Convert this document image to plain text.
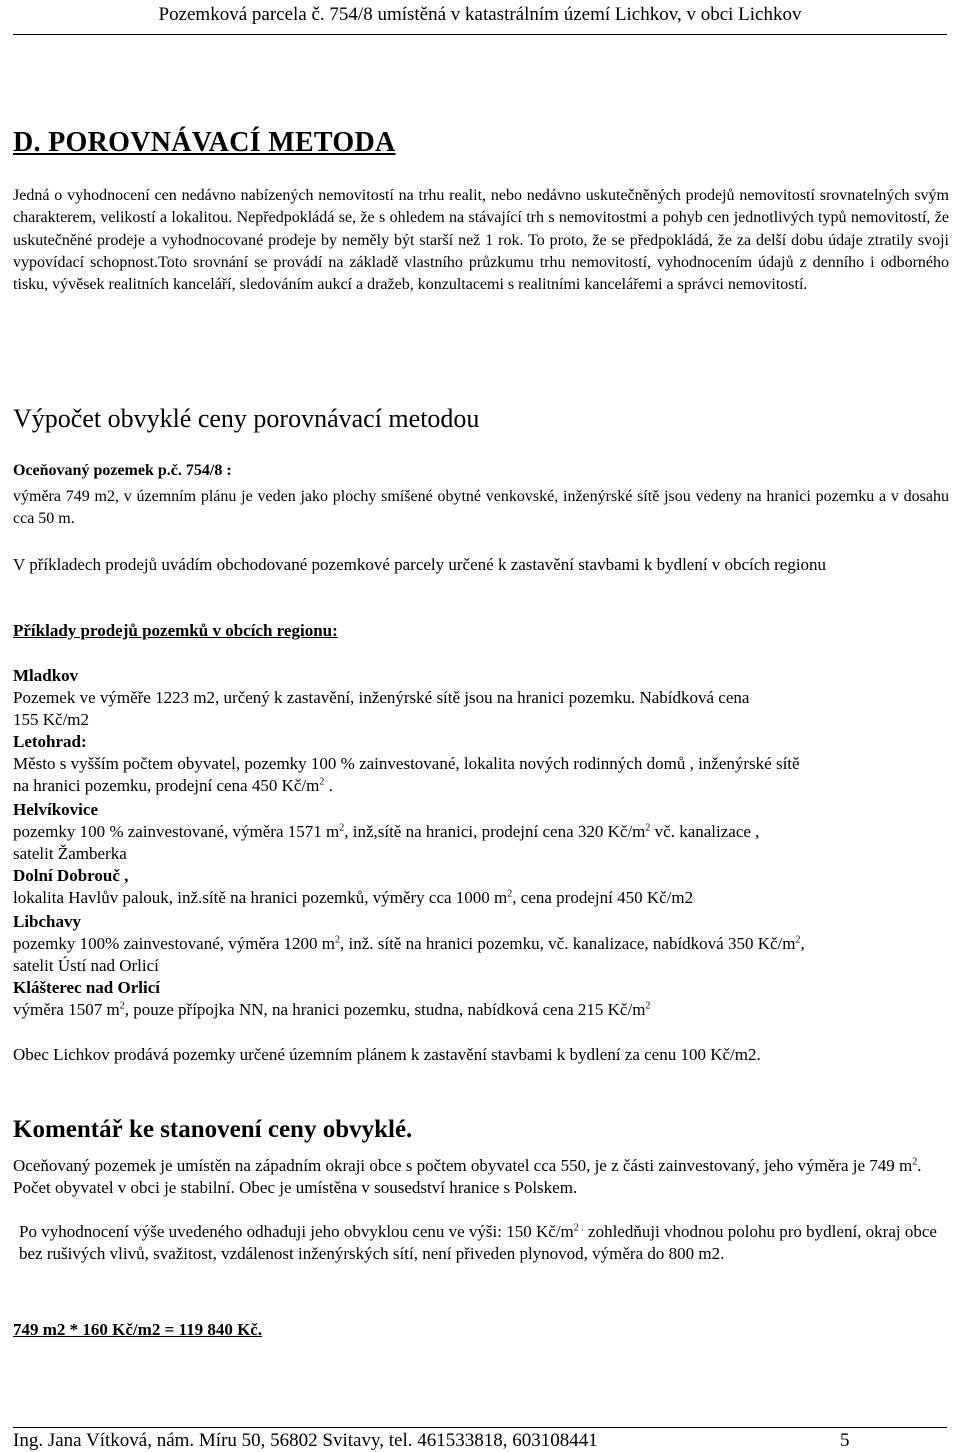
Pozemková parcela č. 754/8 umístěná v katastrálním území Lichkov, v obci Lichkov
D. POROVNÁVACÍ METODA
Jedná o vyhodnocení cen nedávno nabízených nemovitostí na trhu realit, nebo nedávno uskutečněných prodejů nemovitostí srovnatelných svým charakterem, velikostí a lokalitou. Nepředpokládá se, že s ohledem na stávající trh s nemovitostmi a pohyb cen jednotlivých typů nemovitostí, že uskutečněné prodeje a vyhodnocované prodeje by neměly být starší než 1 rok. To proto, že se předpokládá, že za delší dobu údaje ztratily svoji vypovídací schopnost.Toto srovnání se provádí na základě vlastního průzkumu trhu nemovitostí, vyhodnocením údajů z denního i odborného tisku, vývěsek realitních kanceláří, sledováním aukcí a dražeb, konzultacemi s realitními kancelářemi a správci nemovitostí.
Výpočet obvyklé ceny porovnávací metodou
Oceňovaný pozemek p.č. 754/8 :
výměra 749 m2, v územním plánu je veden jako plochy smíšené obytné venkovské, inženýrské sítě jsou vedeny na hranici pozemku a v dosahu cca 50 m.
V příkladech prodejů uvádím obchodované pozemkové parcely určené k zastavění stavbami k bydlení v obcích regionu
Příklady prodejů pozemků v obcích regionu:
Mladkov
Pozemek ve výměře 1223 m2, určený k zastavění, inženýrské sítě jsou na hranici pozemku. Nabídková cena
155 Kč/m2
Letohrad:
Město s vyšším počtem obyvatel, pozemky 100 % zainvestované, lokalita nových rodinných domů , inženýrské sítě
na hranici pozemku, prodejní cena 450 $Kč/m^2$ .
Helvíkovice
pozemky 100 % zainvestované, výměra 1571 $m^2$, inž,sítě na hranici, prodejní cena 320 $Kč/m^2$ vč. kanalizace ,
satelit Žamberka
Dolní Dobrouč ,
lokalita Havlův palouk, inž.sítě na hranici pozemků, výměry cca 1000 $m^2$, cena prodejní 450 Kč/m2
Libchavy
pozemky 100% zainvestované, výměra 1200 $m^2$, inž. sítě na hranici pozemku, vč. kanalizace, nabídková 350 $Kč/m^2$,
satelit Ústí nad Orlicí
Klášterec nad Orlicí
výměra 1507 $m^2$, pouze přípojka NN, na hranici pozemku, studna, nabídková cena 215 $Kč/m^2$
Obec Lichkov prodává pozemky určené územním plánem k zastavění stavbami k bydlení za cenu 100 Kč/m2.
Komentář ke stanovení ceny obvyklé.
Oceňovaný pozemek je umístěn na západním okraji obce s počtem obyvatel cca 550, je z části zainvestovaný, jeho výměra je 749 $m^2$. Počet obyvatel v obci je stabilní. Obec je umístěna v sousedství hranice s Polskem.
Po vyhodnocení výše uvedeného odhaduji jeho obvyklou cenu ve výši: 150 $Kč/m^{2 .}$ zohledňuji vhodnou polohu pro bydlení, okraj obce bez rušivých vlivů, svažitost, vzdálenost inženýrských sítí, není přiveden plynovod, výměra do 800 m2.
749 m2 * 160 Kč/m2 = 119 840 Kč.
Ing. Jana Vítková, nám. Míru 50, 56802 Svitavy, tel. 461533818, 603108441	5
